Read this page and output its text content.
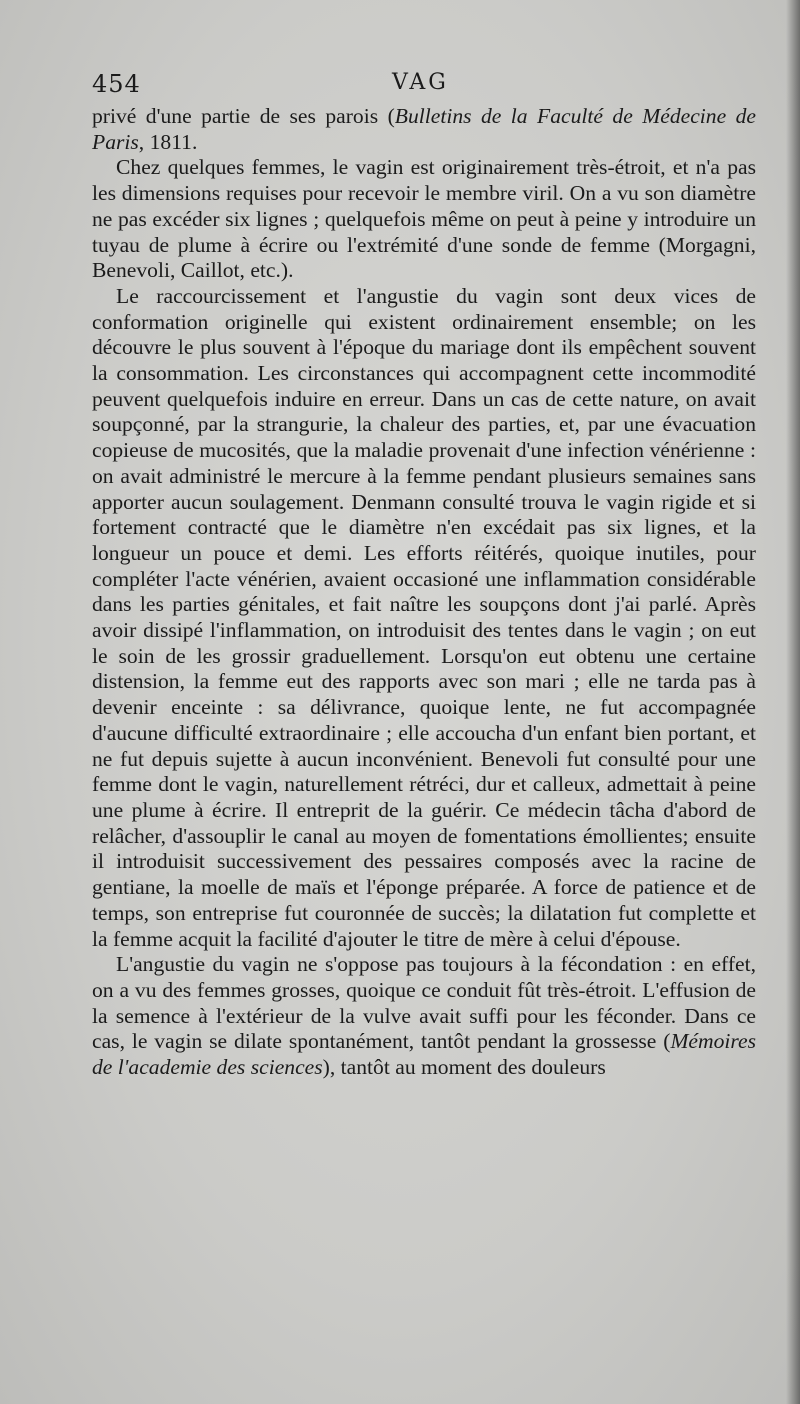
454	VAG

privé d'une partie de ses parois (Bulletins de la Faculté de Médecine de Paris, 1811.

Chez quelques femmes, le vagin est originairement très-étroit, et n'a pas les dimensions requises pour recevoir le membre viril. On a vu son diamètre ne pas excéder six lignes ; quelquefois même on peut à peine y introduire un tuyau de plume à écrire ou l'extrémité d'une sonde de femme (Morgagni, Benevoli, Caillot, etc.).

Le raccourcissement et l'angustie du vagin sont deux vices de conformation originelle qui existent ordinairement ensemble; on les découvre le plus souvent à l'époque du mariage dont ils empêchent souvent la consommation. Les circonstances qui accompagnent cette incommodité peuvent quelquefois induire en erreur. Dans un cas de cette nature, on avait soupçonné, par la strangurie, la chaleur des parties, et, par une évacuation copieuse de mucosités, que la maladie provenait d'une infection vénérienne : on avait administré le mercure à la femme pendant plusieurs semaines sans apporter aucun soulagement. Denmann consulté trouva le vagin rigide et si fortement contracté que le diamètre n'en excédait pas six lignes, et la longueur un pouce et demi. Les efforts réitérés, quoique inutiles, pour compléter l'acte vénérien, avaient occasioné une inflammation considérable dans les parties génitales, et fait naître les soupçons dont j'ai parlé. Après avoir dissipé l'inflammation, on introduisit des tentes dans le vagin ; on eut le soin de les grossir graduellement. Lorsqu'on eut obtenu une certaine distension, la femme eut des rapports avec son mari ; elle ne tarda pas à devenir enceinte : sa délivrance, quoique lente, ne fut accompagnée d'aucune difficulté extraordinaire ; elle accoucha d'un enfant bien portant, et ne fut depuis sujette à aucun inconvénient. Benevoli fut consulté pour une femme dont le vagin, naturellement rétréci, dur et calleux, admettait à peine une plume à écrire. Il entreprit de la guérir. Ce médecin tâcha d'abord de relâcher, d'assouplir le canal au moyen de fomentations émollientes; ensuite il introduisit successivement des pessaires composés avec la racine de gentiane, la moelle de maïs et l'éponge préparée. A force de patience et de temps, son entreprise fut couronnée de succès; la dilatation fut complette et la femme acquit la facilité d'ajouter le titre de mère à celui d'épouse.

L'angustie du vagin ne s'oppose pas toujours à la fécondation : en effet, on a vu des femmes grosses, quoique ce conduit fût très-étroit. L'effusion de la semence à l'extérieur de la vulve avait suffi pour les féconder. Dans ce cas, le vagin se dilate spontanément, tantôt pendant la grossesse (Mémoires de l'academie des sciences), tantôt au moment des douleurs
